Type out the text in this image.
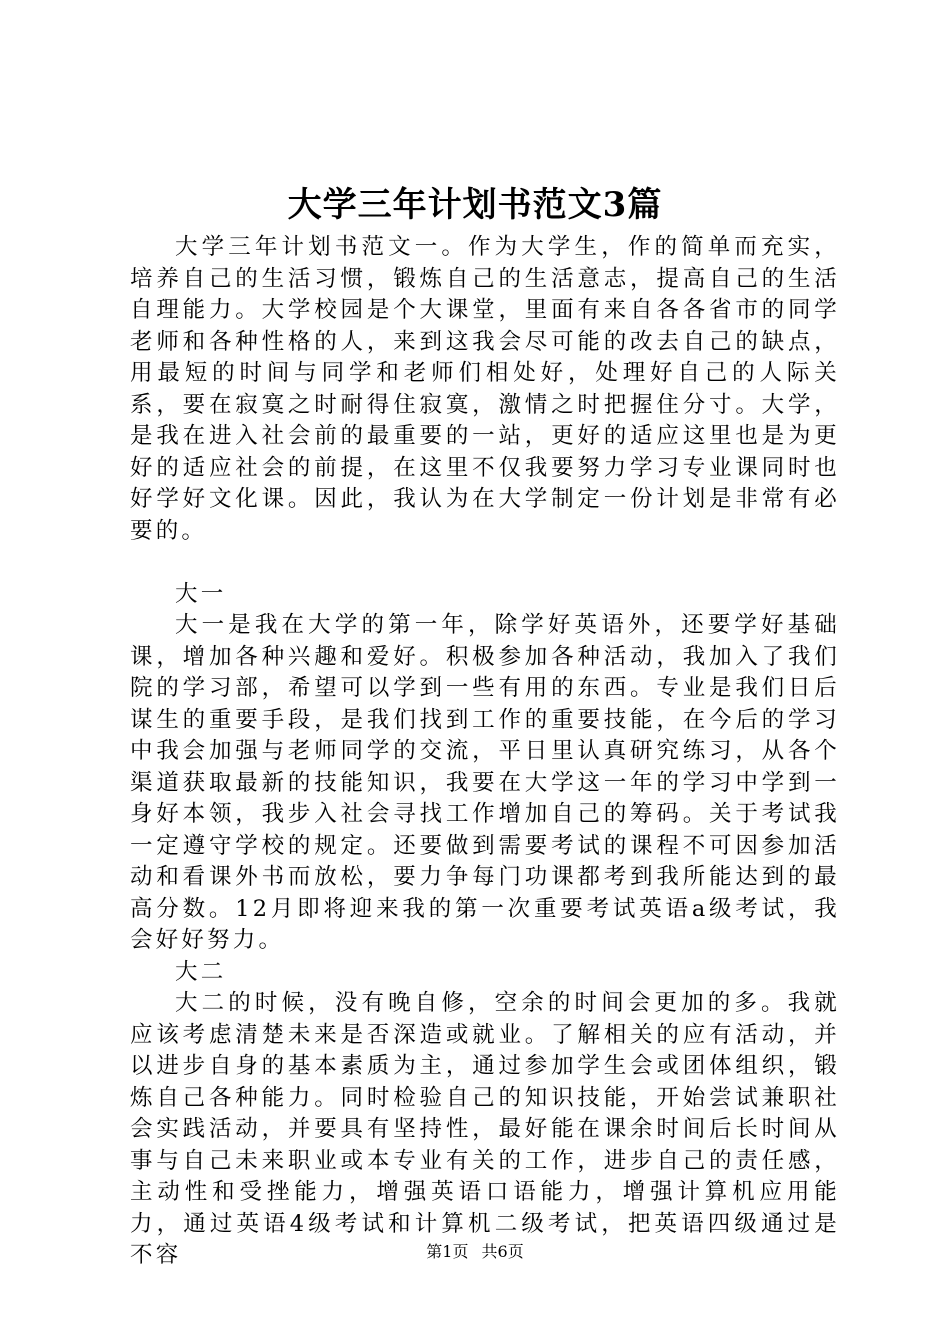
大学三年计划书范文3篇

大学三年计划书范文一。作为大学生，作的简单而充实，培养自己的生活习惯，锻炼自己的生活意志，提高自己的生活自理能力。大学校园是个大课堂，里面有来自各各省市的同学老师和各种性格的人，来到这我会尽可能的改去自己的缺点，用最短的时间与同学和老师们相处好，处理好自己的人际关系，要在寂寞之时耐得住寂寞，激情之时把握住分寸。大学，是我在进入社会前的最重要的一站，更好的适应这里也是为更好的适应社会的前提，在这里不仅我要努力学习专业课同时也好学好文化课。因此，我认为在大学制定一份计划是非常有必要的。

大一

大一是我在大学的第一年，除学好英语外，还要学好基础课，增加各种兴趣和爱好。积极参加各种活动，我加入了我们院的学习部，希望可以学到一些有用的东西。专业是我们日后谋生的重要手段，是我们找到工作的重要技能，在今后的学习中我会加强与老师同学的交流，平日里认真研究练习，从各个渠道获取最新的技能知识，我要在大学这一年的学习中学到一身好本领，我步入社会寻找工作增加自己的筹码。关于考试我一定遵守学校的规定。还要做到需要考试的课程不可因参加活动和看课外书而放松，要力争每门功课都考到我所能达到的最高分数。12月即将迎来我的第一次重要考试英语a级考试，我会好好努力。

大二

大二的时候，没有晚自修，空余的时间会更加的多。我就应该考虑清楚未来是否深造或就业。了解相关的应有活动，并以进步自身的基本素质为主，通过参加学生会或团体组织，锻炼自己各种能力。同时检验自己的知识技能，开始尝试兼职社会实践活动，并要具有坚持性，最好能在课余时间后长时间从事与自己未来职业或本专业有关的工作，进步自己的责任感，主动性和受挫能力，增强英语口语能力，增强计算机应用能力，通过英语4级考试和计算机二级考试，把英语四级通过是不容	第1页 共6页
